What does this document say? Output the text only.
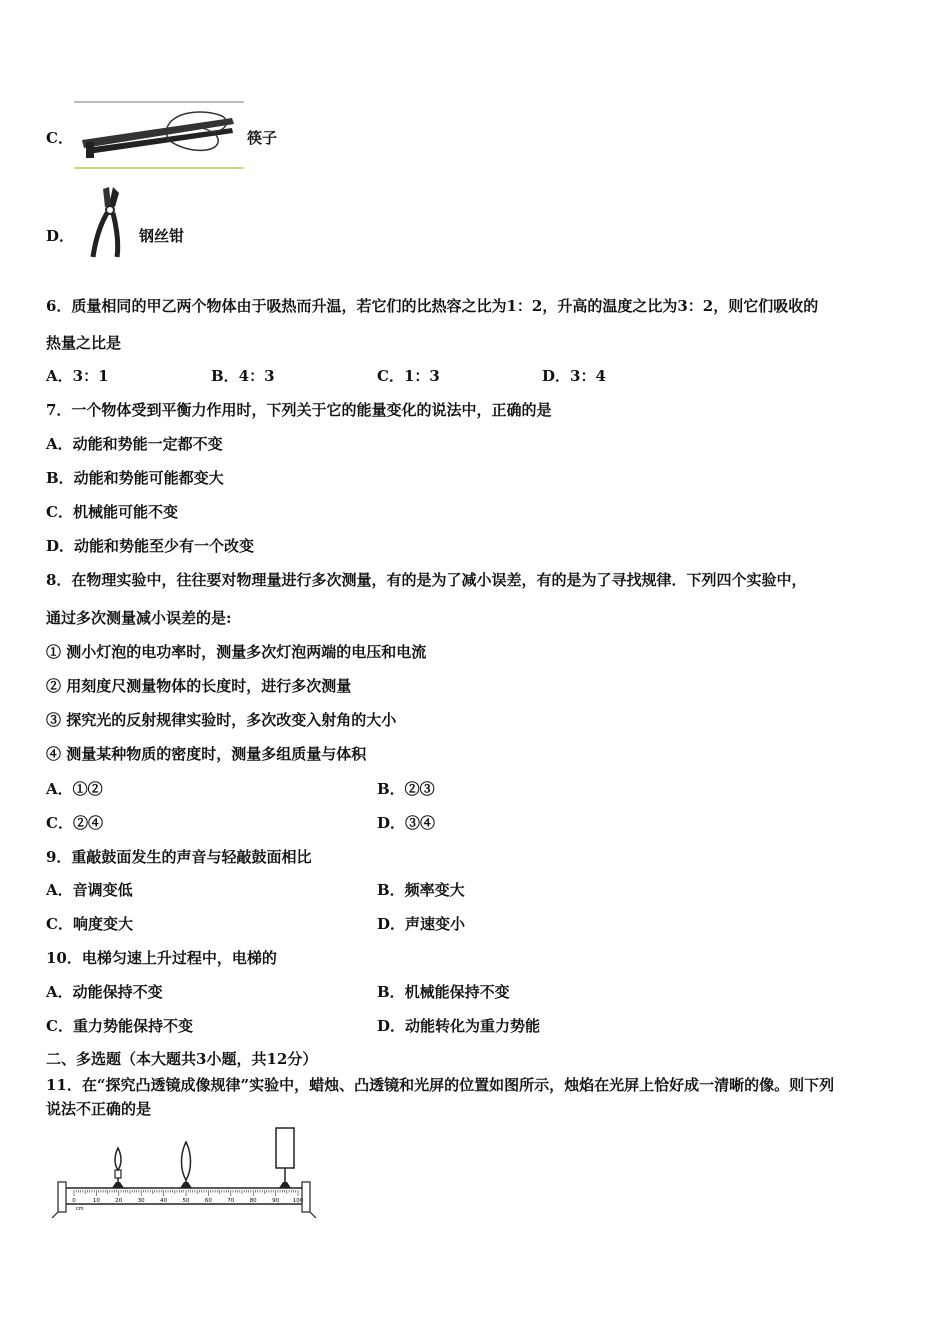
C．	筷子
D．	钢丝钳
6．质量相同的甲乙两个物体由于吸热而升温，若它们的比热容之比为1：2，升高的温度之比为3：2，则它们吸收的
热量之比是
A．3：1	B．4：3	C．1：3	D．3：4
7．一个物体受到平衡力作用时，下列关于它的能量变化的说法中，正确的是
A．动能和势能一定都不变
B．动能和势能可能都变大
C．机械能可能不变
D．动能和势能至少有一个改变
8．在物理实验中，往往要对物理量进行多次测量，有的是为了减小误差，有的是为了寻找规律．下列四个实验中，
通过多次测量减小误差的是:
① 测小灯泡的电功率时，测量多次灯泡两端的电压和电流
② 用刻度尺测量物体的长度时，进行多次测量
③ 探究光的反射规律实验时，多次改变入射角的大小
④ 测量某种物质的密度时，测量多组质量与体积
A．①②	B．②③
C．②④	D．③④
9．重敲鼓面发生的声音与轻敲鼓面相比
A．音调变低	B．频率变大
C．响度变大	D．声速变小
10．电梯匀速上升过程中，电梯的
A．动能保持不变	B．机械能保持不变
C．重力势能保持不变	D．动能转化为重力势能
二、多选题（本大题共3小题，共12分）
11．在“探究凸透镜成像规律”实验中，蜡烛、凸透镜和光屏的位置如图所示，烛焰在光屏上恰好成一清晰的像。则下列
说法不正确的是
0	10	20	30	40	50	60	70	80	90 100
cm
